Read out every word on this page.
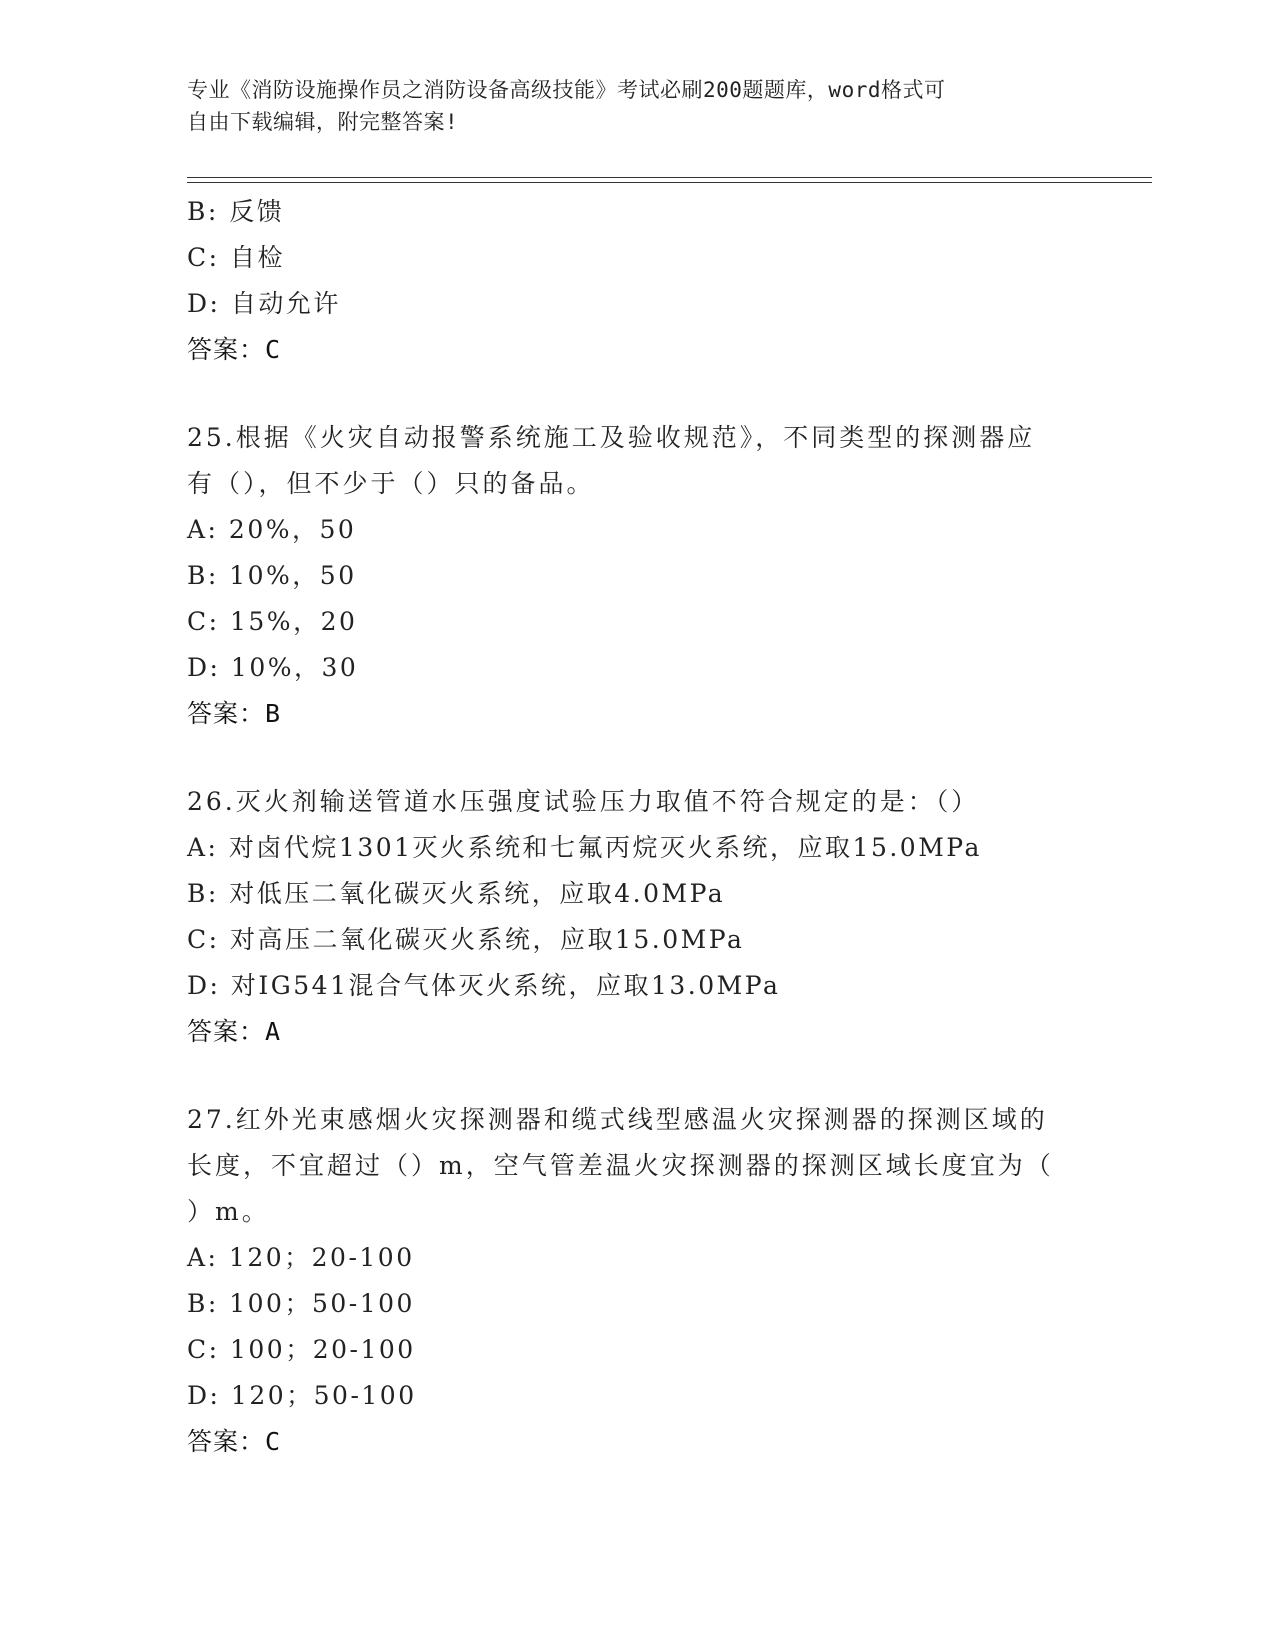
专业《消防设施操作员之消防设备高级技能》考试必刷200题题库，word格式可
自由下载编辑，附完整答案!
B: 反馈
C: 自检
D: 自动允许
答案：C
25.根据《火灾自动报警系统施工及验收规范》，不同类型的探测器应
有（），但不少于（）只的备品。
A: 20%，50
B: 10%，50
C: 15%，20
D: 10%，30
答案：B
26.灭火剂输送管道水压强度试验压力取值不符合规定的是：（）
A: 对卤代烷1301灭火系统和七氟丙烷灭火系统，应取15.0MPa
B: 对低压二氧化碳灭火系统，应取4.0MPa
C: 对高压二氧化碳灭火系统，应取15.0MPa
D: 对IG541混合气体灭火系统，应取13.0MPa
答案：A
27.红外光束感烟火灾探测器和缆式线型感温火灾探测器的探测区域的
长度，不宜超过（）m，空气管差温火灾探测器的探测区域长度宜为（
）m。
A: 120；20-100
B: 100；50-100
C: 100；20-100
D: 120；50-100
答案：C
